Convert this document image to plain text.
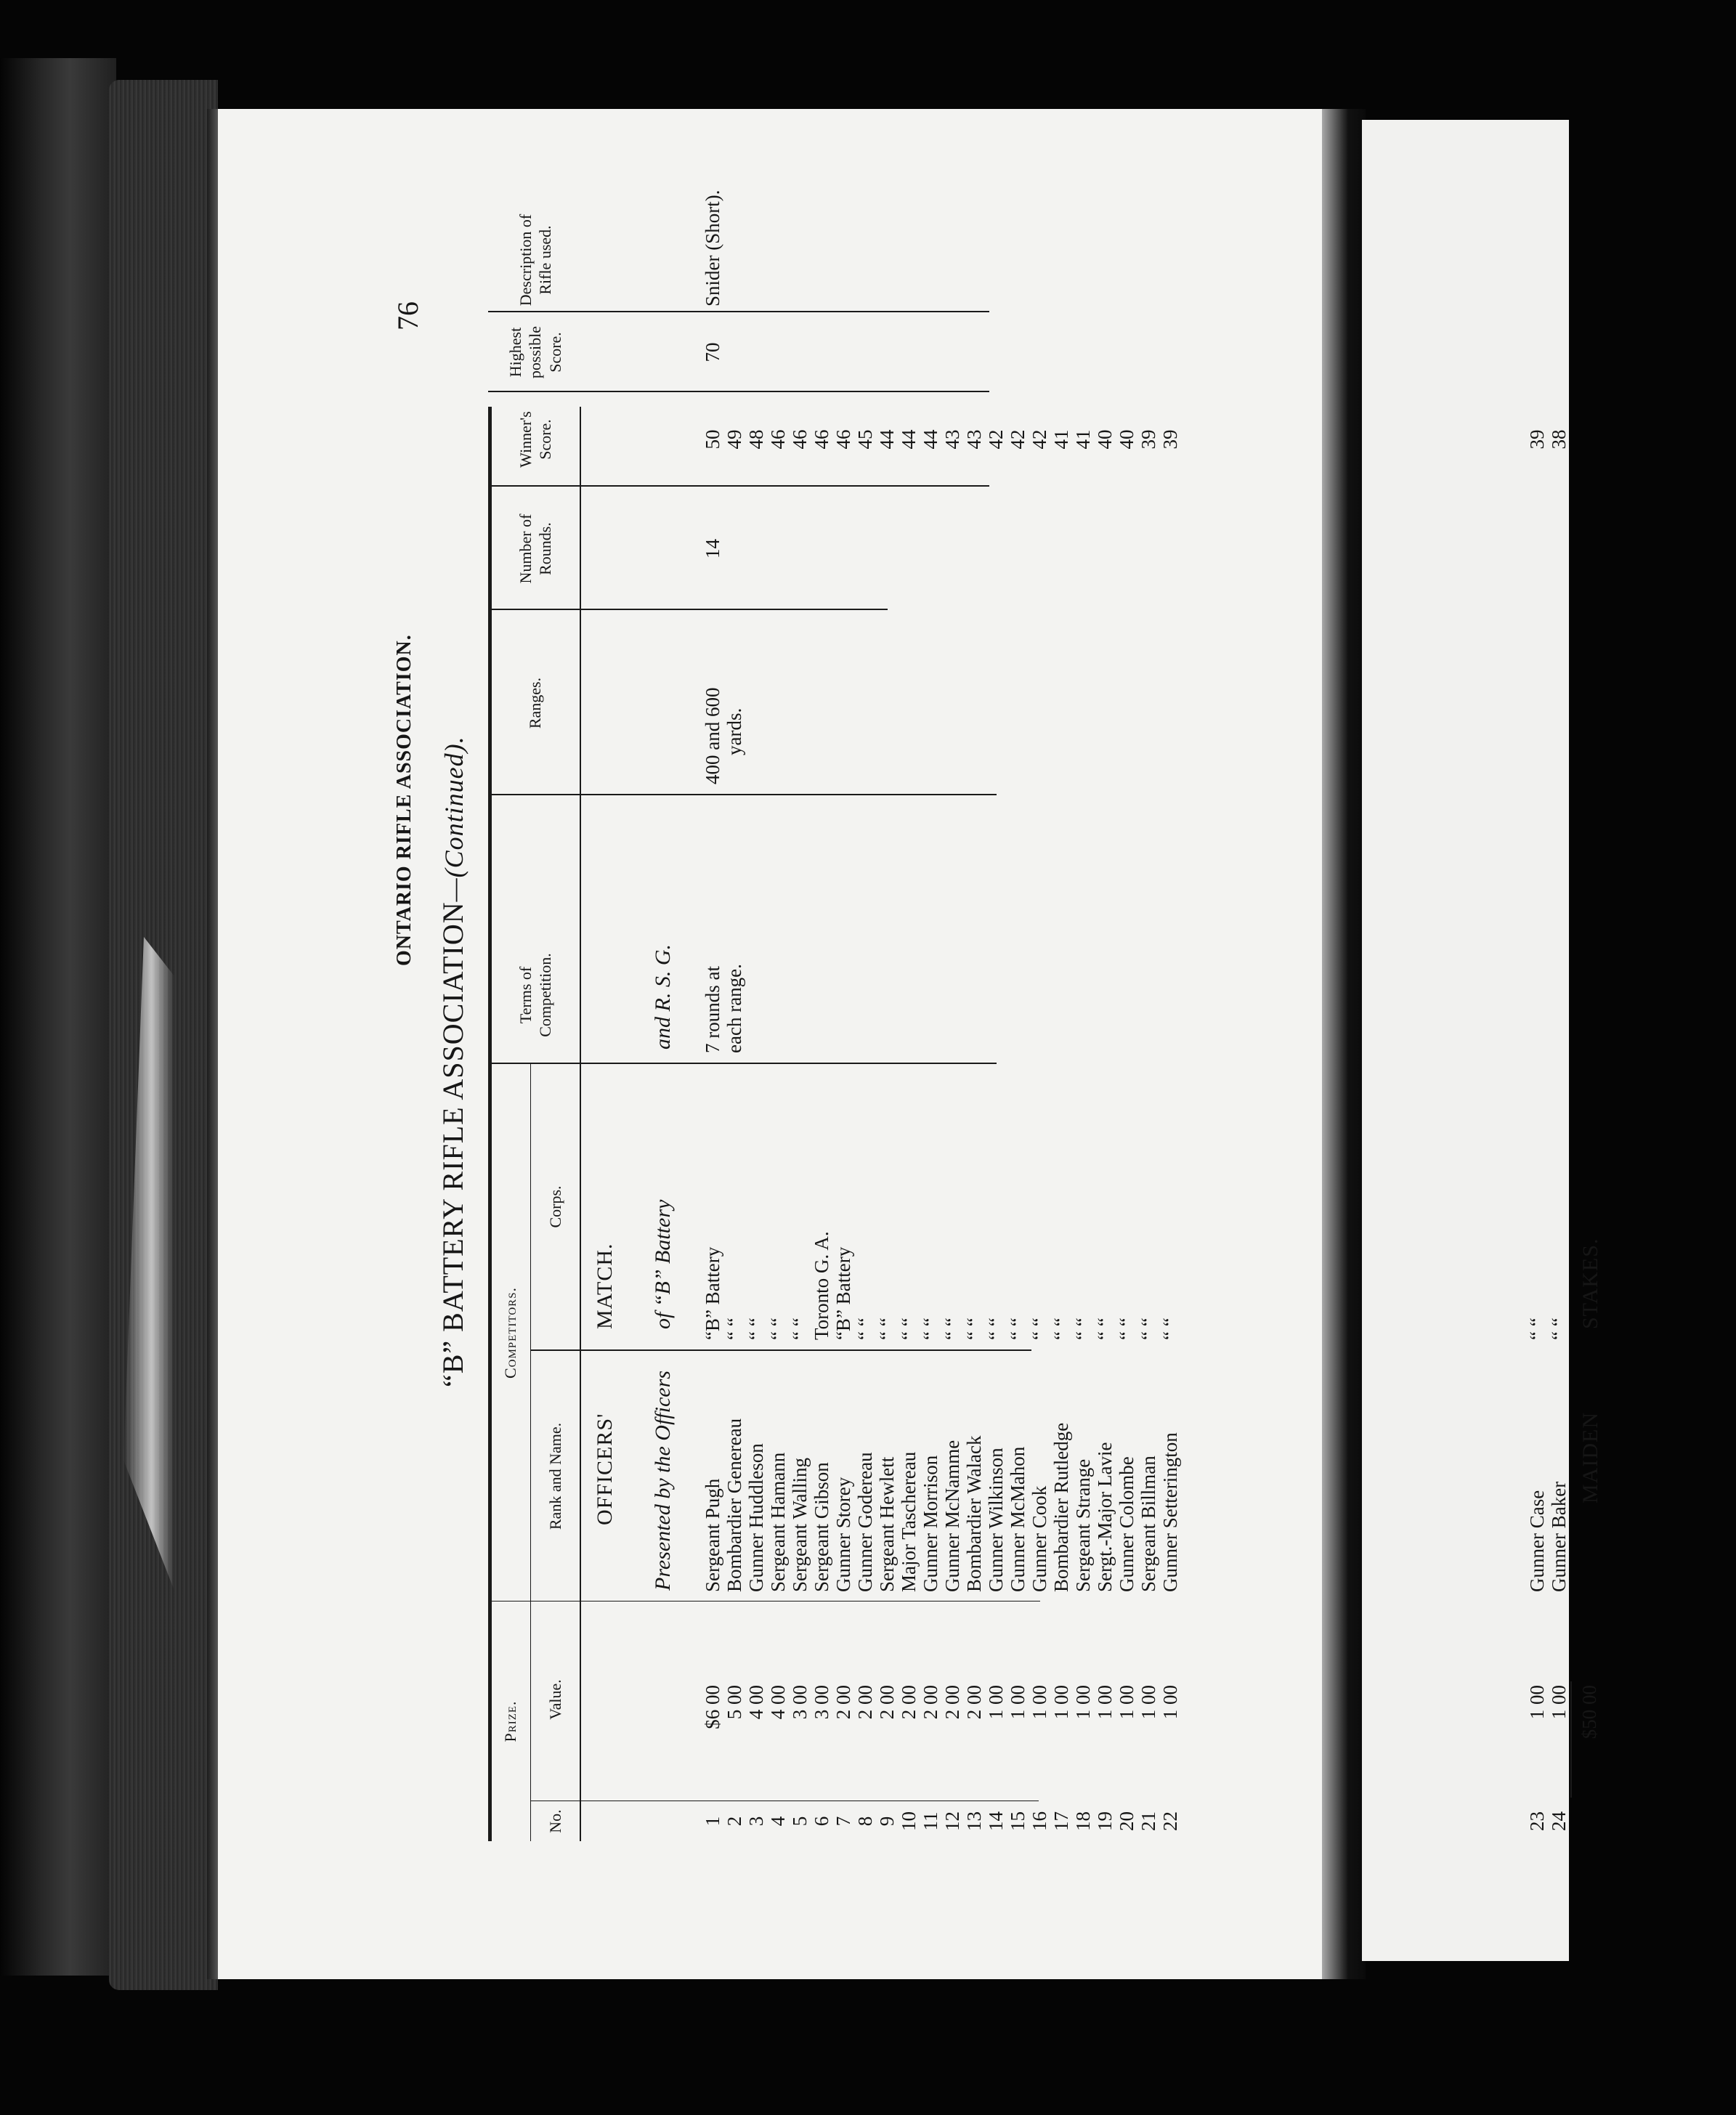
76
ONTARIO RIFLE ASSOCIATION.
“B” BATTERY RIFLE ASSOCIATION—(Continued).
Prize.
No.
Value.
Competitors.
Rank and Name.
Corps.
Terms of Competition.
Ranges.
Number of Rounds.
Winner's Score.
Highest possible Score.
Description of Rifle used.
OFFICERS'
MATCH.
Presented by the Officers
of “B” Battery
and R. S. G.
1 2 3 4 5 6 7 8 9 10 11 12 13 14 15 16 17 18 19 20 21 22
$6 00 5 00 4 00 4 00 3 00 3 00 2 00 2 00 2 00 2 00 2 00 2 00 2 00 1 00 1 00 1 00 1 00 1 00 1 00 1 00 1 00 1 00
Sergeant Pugh Bombardier Genereau Gunner Huddleson Sergeant Hamann Sergeant Walling Sergeant Gibson Gunner Storey Gunner Godereau Sergeant Hewlett Major Taschereau Gunner Morrison Gunner McNamme Bombardier Walack Gunner Wilkinson Gunner McMahon Gunner Cook Bombardier Rutledge Sergeant Strange Sergt.-Major Lavie Gunner Colombe Sergeant Billman Gunner Setterington
“B” Battery “ “ “ “ “ “ “ “ Toronto G. A. “B” Battery “ “ “ “ “ “ “ “ “ “ “ “ “ “ “ “ “ “ “ “ “ “ “ “ “ “ “ “ “ “
7 rounds at each range.
400 and 600 yards.
14
50 49 48 46 46 46 46 45 44 44 44 43 43 42 42 42 41 41 40 40 39 39
70
Snider (Short).
23 24
1 00 1 00
Gunner Case Gunner Baker
“ “ “ “
39 38
$50 00
MAIDEN
STAKES.
